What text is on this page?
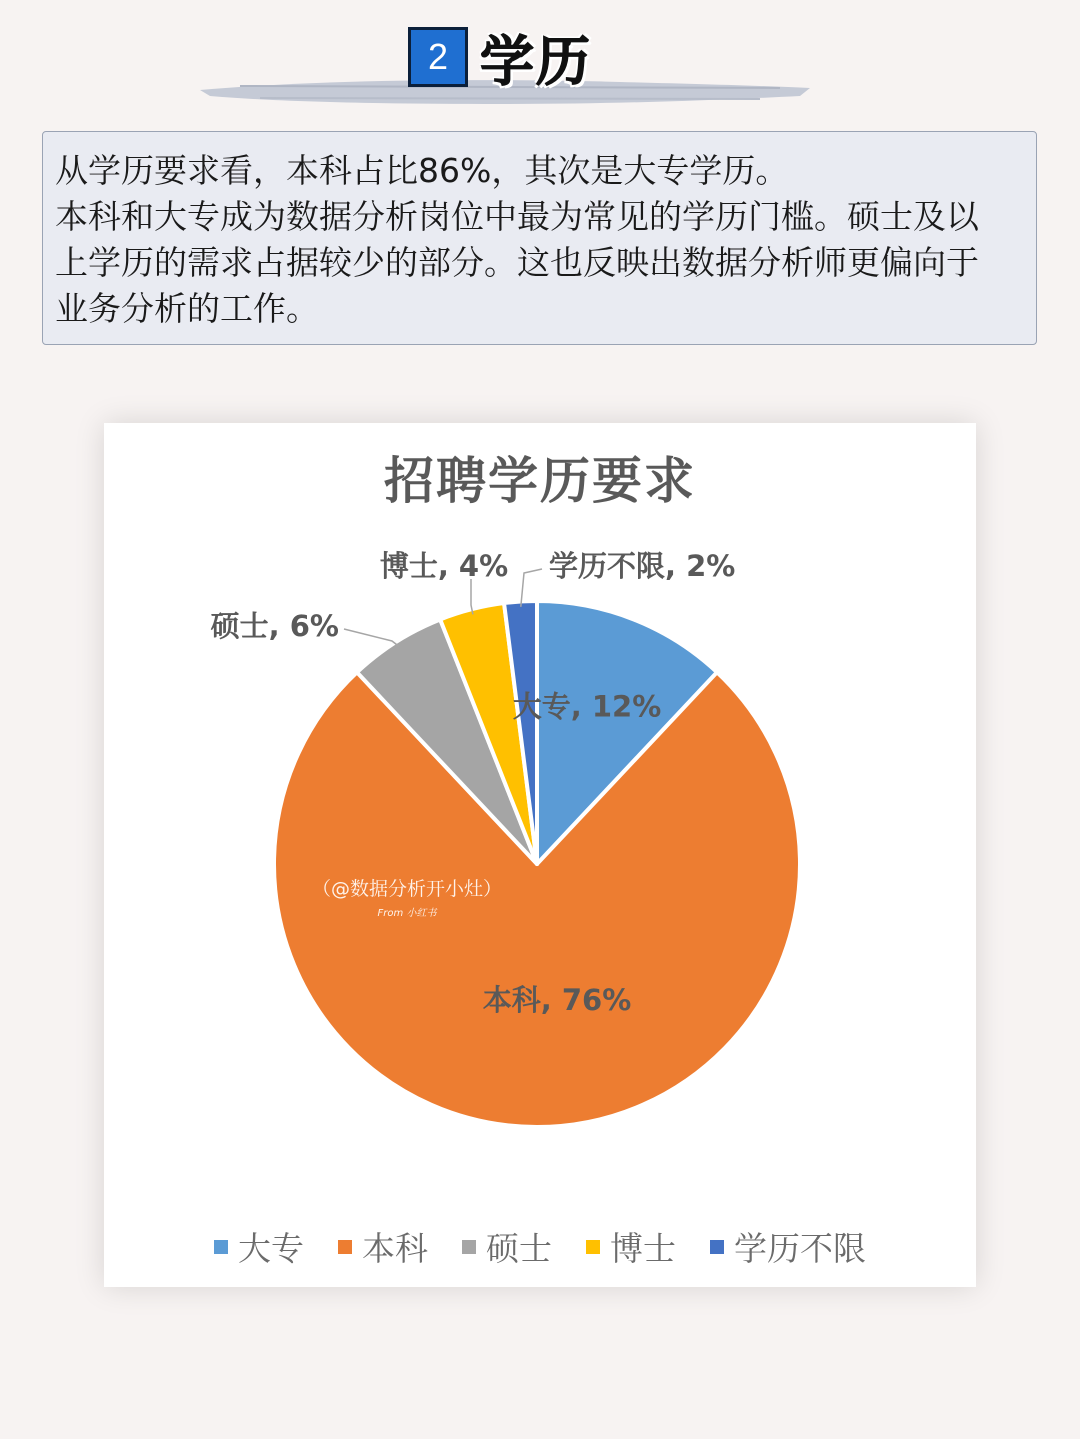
2 学历

从学历要求看，本科占比86%，其次是大专学历。

本科和大专成为数据分析岗位中最为常见的学历门槛。硕士及以

上学历的需求占据较少的部分。这也反映出数据分析师更偏向于

业务分析的工作。

招聘学历要求
大专, 12%
本科, 76%
硕士, 6%
博士, 4% 学历不限, 2%
（@数据分析开小灶）
From 小红书
大专 本科 硕士 博士 学历不限
